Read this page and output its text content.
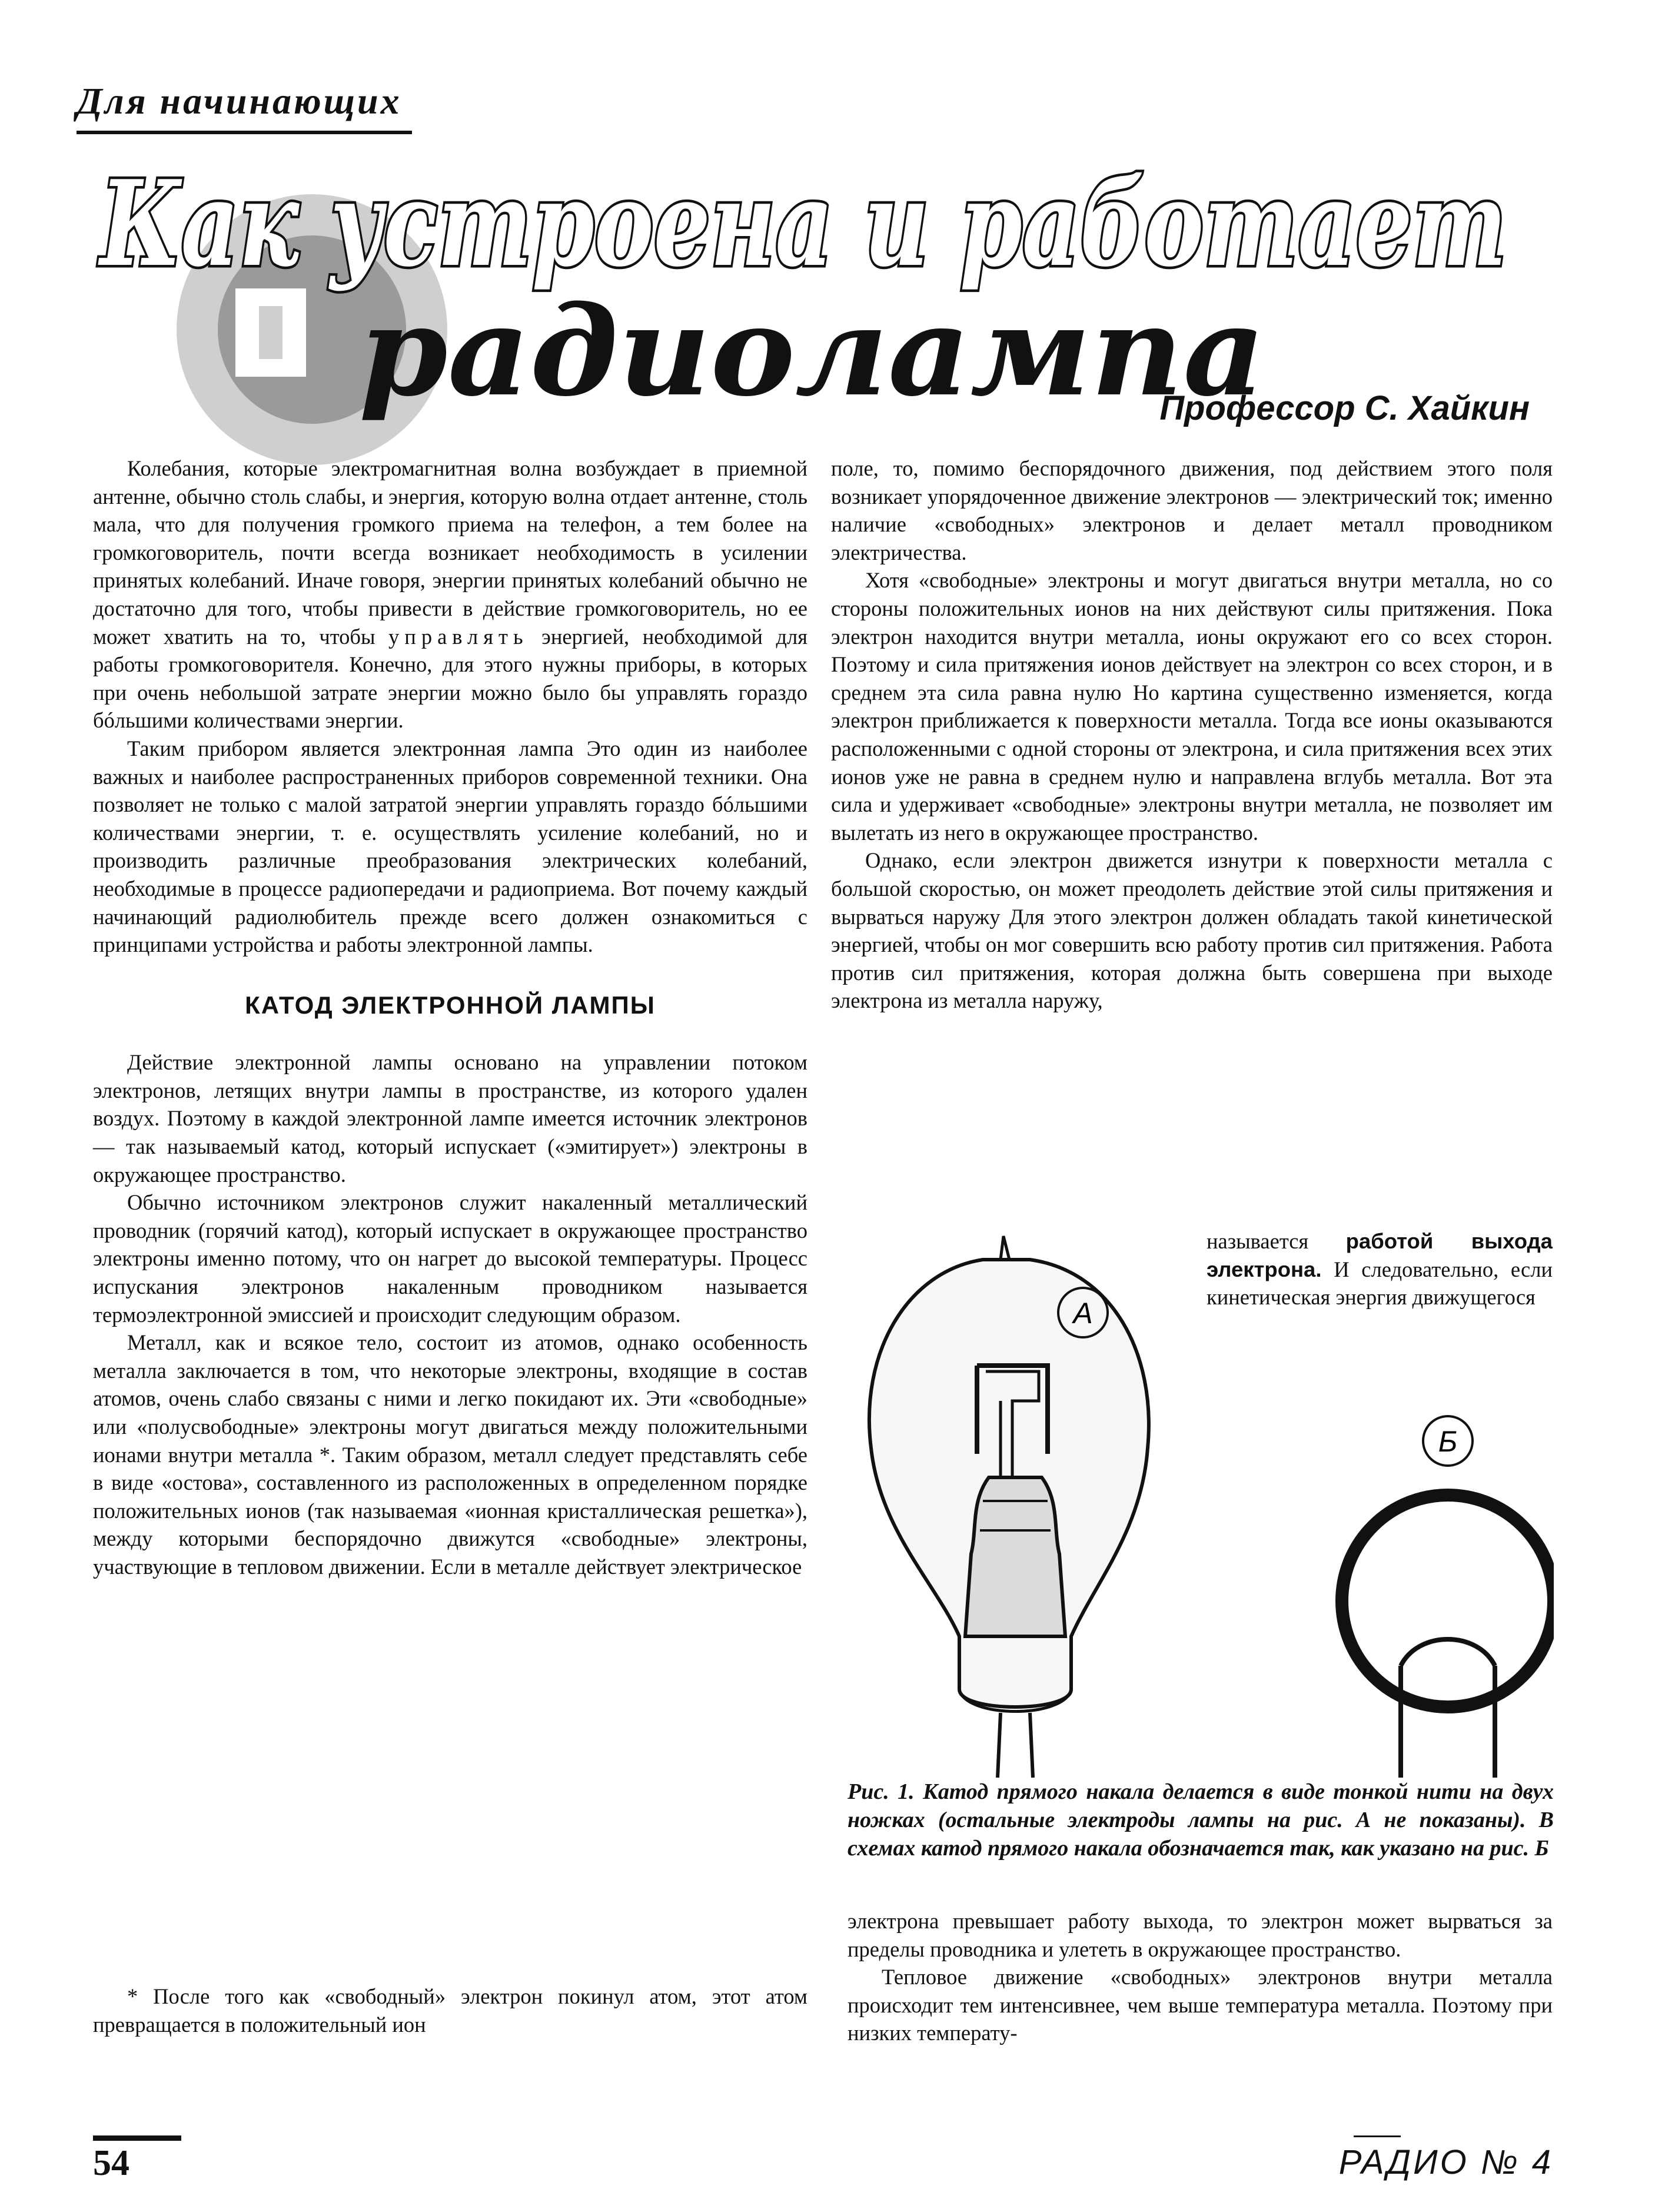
Для начинающих
Как устроена и работает
радиолампа
Профессор С. Хайкин

Колебания, которые электромагнитная волна возбуждает в приемной антенне, обычно столь слабы, и энергия, которую волна отдает антенне, столь мала, что для получения громкого приема на телефон, а тем более на громкоговоритель, почти всегда возникает необходимость в усилении принятых колебаний. Иначе говоря, энергии принятых колебаний обычно не достаточно для того, чтобы привести в действие громкоговоритель, но ее может хватить на то, чтобы управлять энергией, необходимой для работы громкоговорителя. Конечно, для этого нужны приборы, в которых при очень небольшой затрате энергии можно было бы управлять гораздо бóльшими количествами энергии.

Таким прибором является электронная лампа Это один из наиболее важных и наиболее распространенных приборов современной техники. Она позволяет не только с малой затратой энергии управлять гораздо бóльшими количествами энергии, т. е. осуществлять усиление колебаний, но и производить различные преобразования электрических колебаний, необходимые в процессе радиопередачи и радиоприема. Вот почему каждый начинающий радиолюбитель прежде всего должен ознакомиться с принципами устройства и работы электронной лампы.

КАТОД ЭЛЕКТРОННОЙ ЛАМПЫ

Действие электронной лампы основано на управлении потоком электронов, летящих внутри лампы в пространстве, из которого удален воздух. Поэтому в каждой электронной лампе имеется источник электронов — так называемый катод, который испускает («эмитирует») электроны в окружающее пространство.

Обычно источником электронов служит накаленный металлический проводник (горячий катод), который испускает в окружающее пространство электроны именно потому, что он нагрет до высокой температуры. Процесс испускания электронов накаленным проводником называется термоэлектронной эмиссией и происходит следующим образом.

Металл, как и всякое тело, состоит из атомов, однако особенность металла заключается в том, что некоторые электроны, входящие в состав атомов, очень слабо связаны с ними и легко покидают их. Эти «свободные» или «полусвободные» электроны могут двигаться между положительными ионами внутри металла *. Таким образом, металл следует представлять себе в виде «остова», составленного из расположенных в определенном порядке положительных ионов (так называемая «ионная кристаллическая решетка»), между которыми беспорядочно движутся «свободные» электроны, участвующие в тепловом движении. Если в металле действует электрическое

* После того как «свободный» электрон покинул атом, этот атом превращается в положительный ион

поле, то, помимо беспорядочного движения, под действием этого поля возникает упорядоченное движение электронов — электрический ток; именно наличие «свободных» электронов и делает металл проводником электричества.

Хотя «свободные» электроны и могут двигаться внутри металла, но со стороны положительных ионов на них действуют силы притяжения. Пока электрон находится внутри металла, ионы окружают его со всех сторон. Поэтому и сила притяжения ионов действует на электрон со всех сторон, и в среднем эта сила равна нулю Но картина существенно изменяется, когда электрон приближается к поверхности металла. Тогда все ионы оказываются расположенными с одной стороны от электрона, и сила притяжения всех этих ионов уже не равна в среднем нулю и направлена вглубь металла. Вот эта сила и удерживает «свободные» электроны внутри металла, не позволяет им вылетать из него в окружающее пространство.

Однако, если электрон движется изнутри к поверхности металла с большой скоростью, он может преодолеть действие этой силы притяжения и вырваться наружу Для этого электрон должен обладать такой кинетической энергией, чтобы он мог совершить всю работу против сил притяжения. Работа против сил притяжения, которая должна быть совершена при выходе электрона из металла наружу,

называется работой выхода электрона. И следовательно, если кинетическая энергия движущегося
А
Б
Рис. 1. Катод прямого накала делается в виде тонкой нити на двух ножках (остальные электроды лампы на рис. А не показаны). В схемах катод прямого накала обозначается так, как указано на рис. Б

электрона превышает работу выхода, то электрон может вырваться за пределы проводника и улететь в окружающее пространство.

Тепловое движение «свободных» электронов внутри металла происходит тем интенсивнее, чем выше температура металла. Поэтому при низких температу-

54	РАДИО № 4
